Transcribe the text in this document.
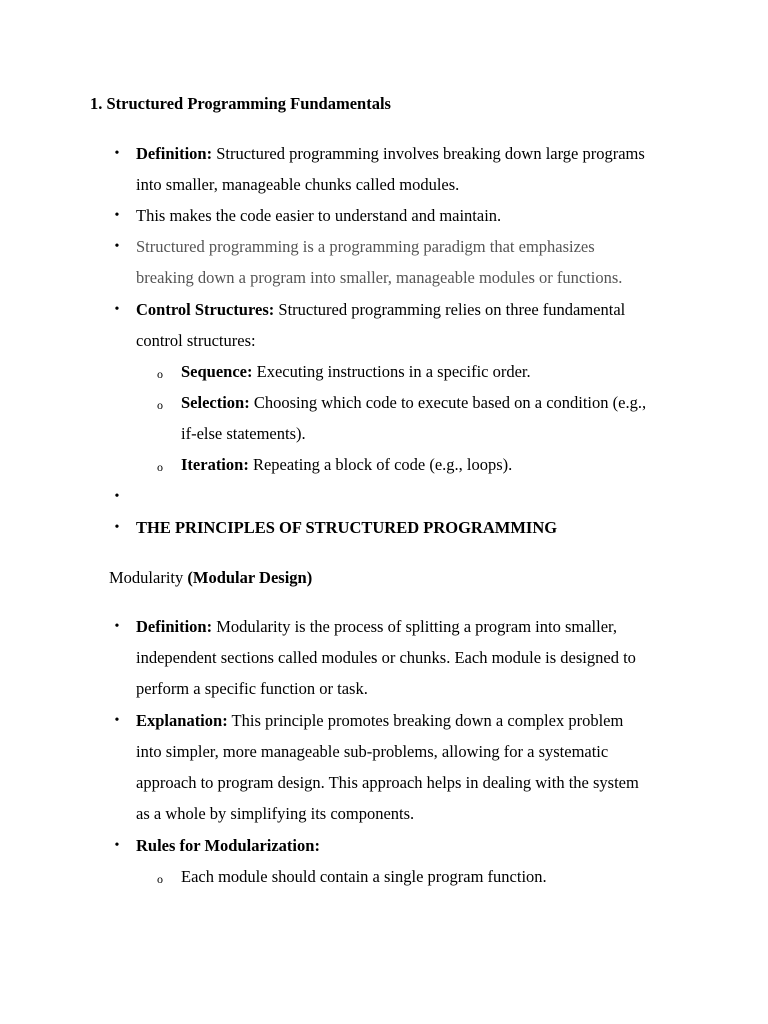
1. Structured Programming Fundamentals
• Definition: Structured programming involves breaking down large programs
into smaller, manageable chunks called modules.
• This makes the code easier to understand and maintain.
• Structured programming is a programming paradigm that emphasizes
breaking down a program into smaller, manageable modules or functions.
• Control Structures: Structured programming relies on three fundamental
control structures:
o Sequence: Executing instructions in a specific order.
o Selection: Choosing which code to execute based on a condition (e.g.,
if-else statements).
o Iteration: Repeating a block of code (e.g., loops).
•
• THE PRINCIPLES OF STRUCTURED PROGRAMMING
Modularity (Modular Design)
• Definition: Modularity is the process of splitting a program into smaller,
independent sections called modules or chunks. Each module is designed to
perform a specific function or task.
• Explanation: This principle promotes breaking down a complex problem
into simpler, more manageable sub-problems, allowing for a systematic
approach to program design. This approach helps in dealing with the system
as a whole by simplifying its components.
• Rules for Modularization:
o Each module should contain a single program function.
